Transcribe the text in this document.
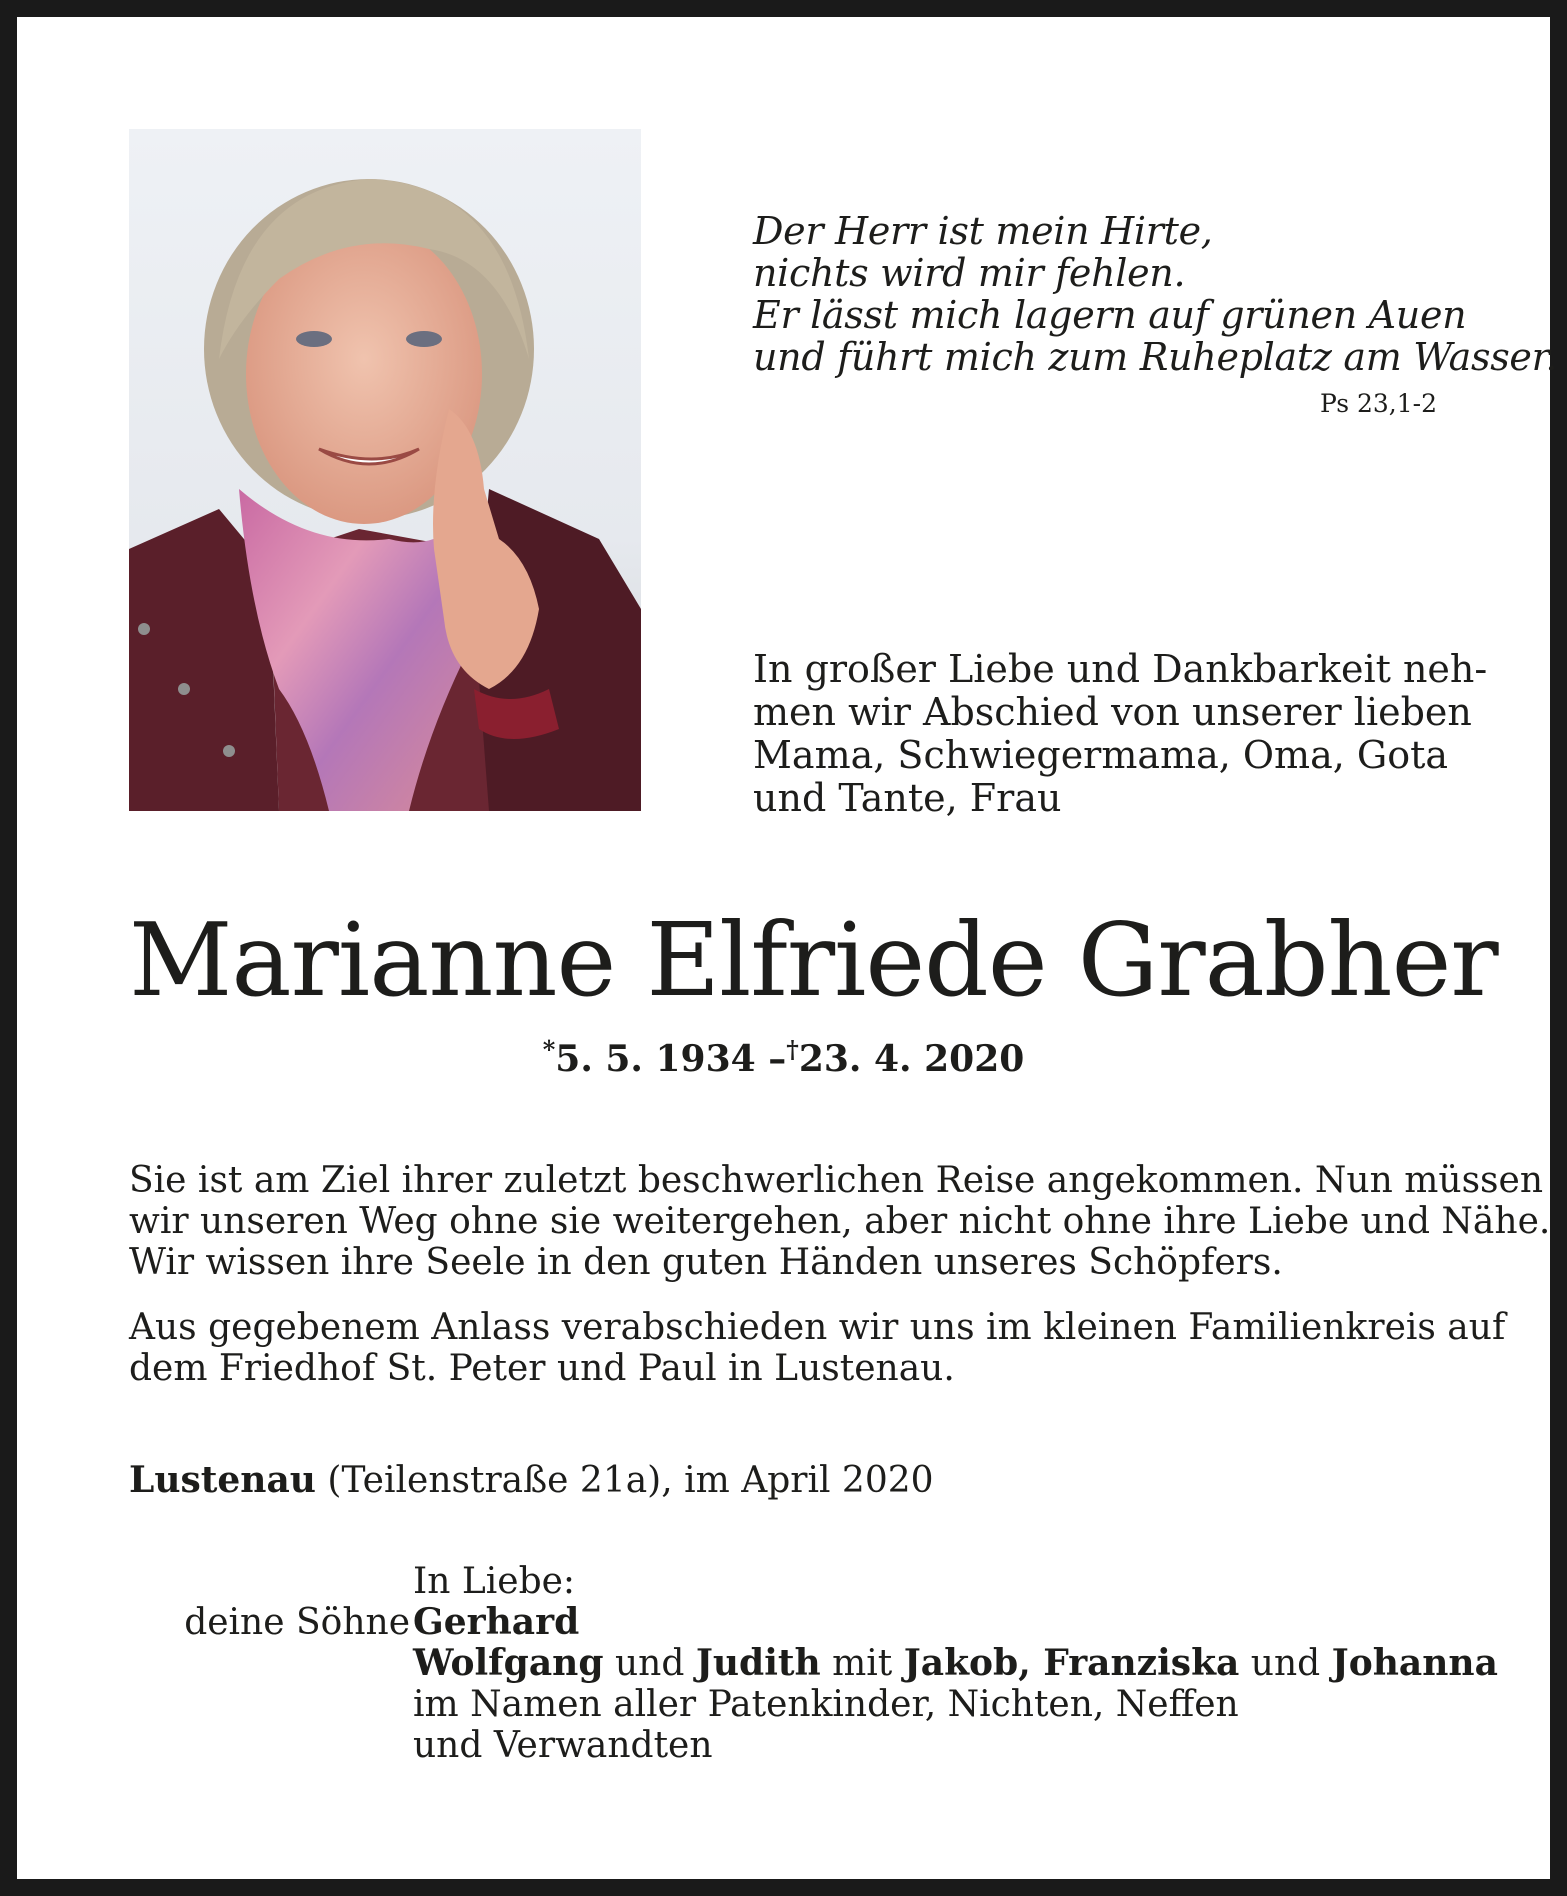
Der Herr ist mein Hirte,
nichts wird mir fehlen.
Er lässt mich lagern auf grünen Auen
und führt mich zum Ruheplatz am Wasser.
Ps 23,1-2
In großer Liebe und Dankbarkeit neh-
men wir Abschied von unserer lieben
Mama, Schwiegermama, Oma, Gota
und Tante, Frau
Marianne Elfriede Grabher
*5. 5. 1934 –†23. 4. 2020
Sie ist am Ziel ihrer zuletzt beschwerlichen Reise angekommen. Nun müssen
wir unseren Weg ohne sie weitergehen, aber nicht ohne ihre Liebe und Nähe.
Wir wissen ihre Seele in den guten Händen unseres Schöpfers.
Aus gegebenem Anlass verabschieden wir uns im kleinen Familienkreis auf
dem Friedhof St. Peter und Paul in Lustenau.
Lustenau (Teilenstraße 21a), im April 2020
In Liebe:
deine Söhne Gerhard
Wolfgang und Judith mit Jakob, Franziska und Johanna
im Namen aller Patenkinder, Nichten, Neffen
und Verwandten
